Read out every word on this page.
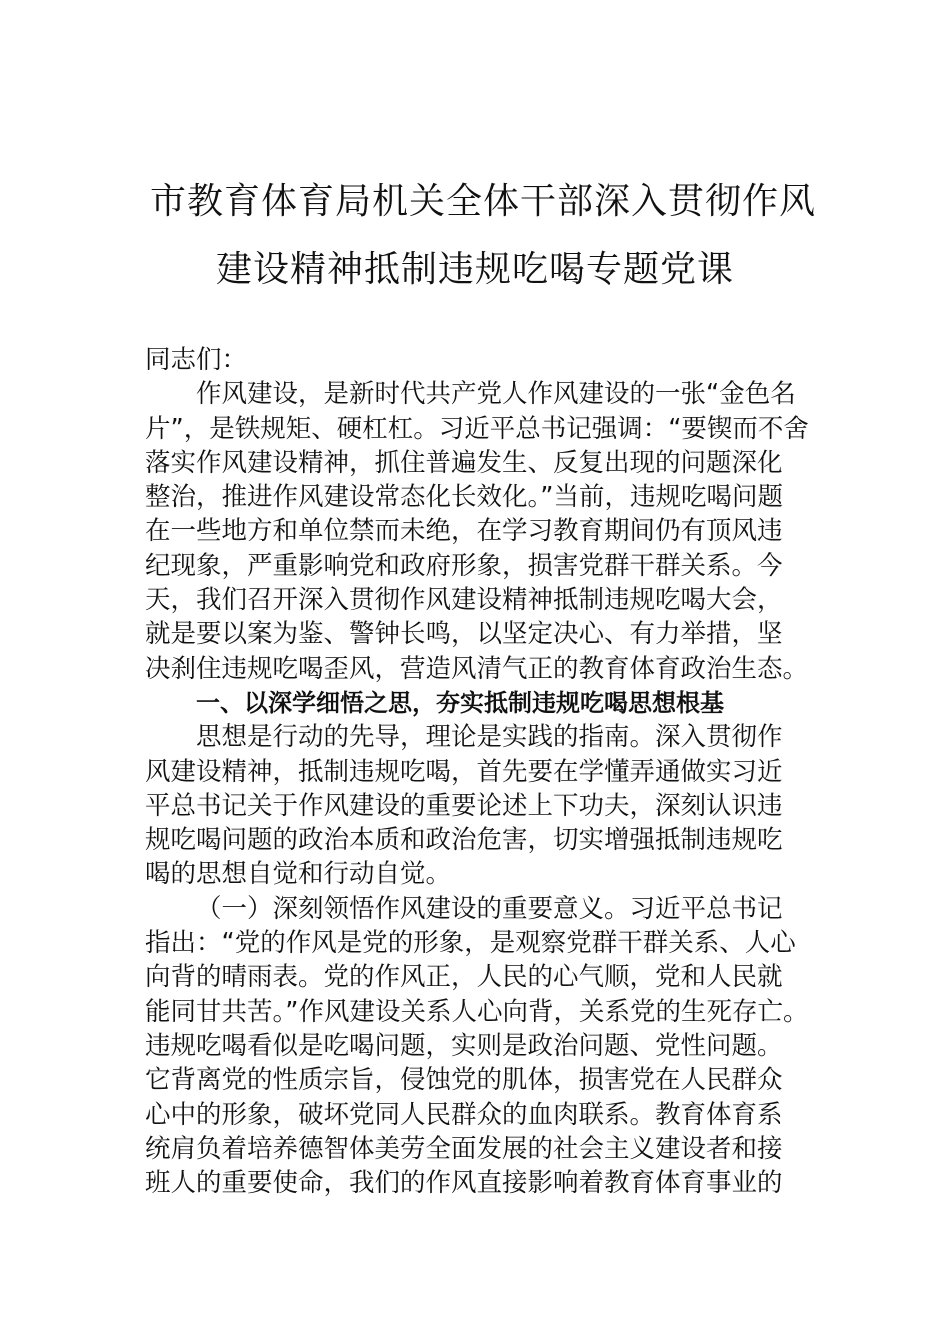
市教育体育局机关全体干部深入贯彻作风
建设精神抵制违规吃喝专题党课
同志们：
作风建设，是新时代共产党人作风建设的一张“金色名
片”，是铁规矩、硬杠杠。习近平总书记强调：“要锲而不舍
落实作风建设精神，抓住普遍发生、反复出现的问题深化
整治，推进作风建设常态化长效化。”当前，违规吃喝问题
在一些地方和单位禁而未绝，在学习教育期间仍有顶风违
纪现象，严重影响党和政府形象，损害党群干群关系。今
天，我们召开深入贯彻作风建设精神抵制违规吃喝大会，
就是要以案为鉴、警钟长鸣，以坚定决心、有力举措，坚
决刹住违规吃喝歪风，营造风清气正的教育体育政治生态。
一、以深学细悟之思，夯实抵制违规吃喝思想根基
思想是行动的先导，理论是实践的指南。深入贯彻作
风建设精神，抵制违规吃喝，首先要在学懂弄通做实习近
平总书记关于作风建设的重要论述上下功夫，深刻认识违
规吃喝问题的政治本质和政治危害，切实增强抵制违规吃
喝的思想自觉和行动自觉。
（一）深刻领悟作风建设的重要意义。习近平总书记
指出：“党的作风是党的形象，是观察党群干群关系、人心
向背的晴雨表。党的作风正，人民的心气顺，党和人民就
能同甘共苦。”作风建设关系人心向背，关系党的生死存亡。
违规吃喝看似是吃喝问题，实则是政治问题、党性问题。
它背离党的性质宗旨，侵蚀党的肌体，损害党在人民群众
心中的形象，破坏党同人民群众的血肉联系。教育体育系
统肩负着培养德智体美劳全面发展的社会主义建设者和接
班人的重要使命，我们的作风直接影响着教育体育事业的
